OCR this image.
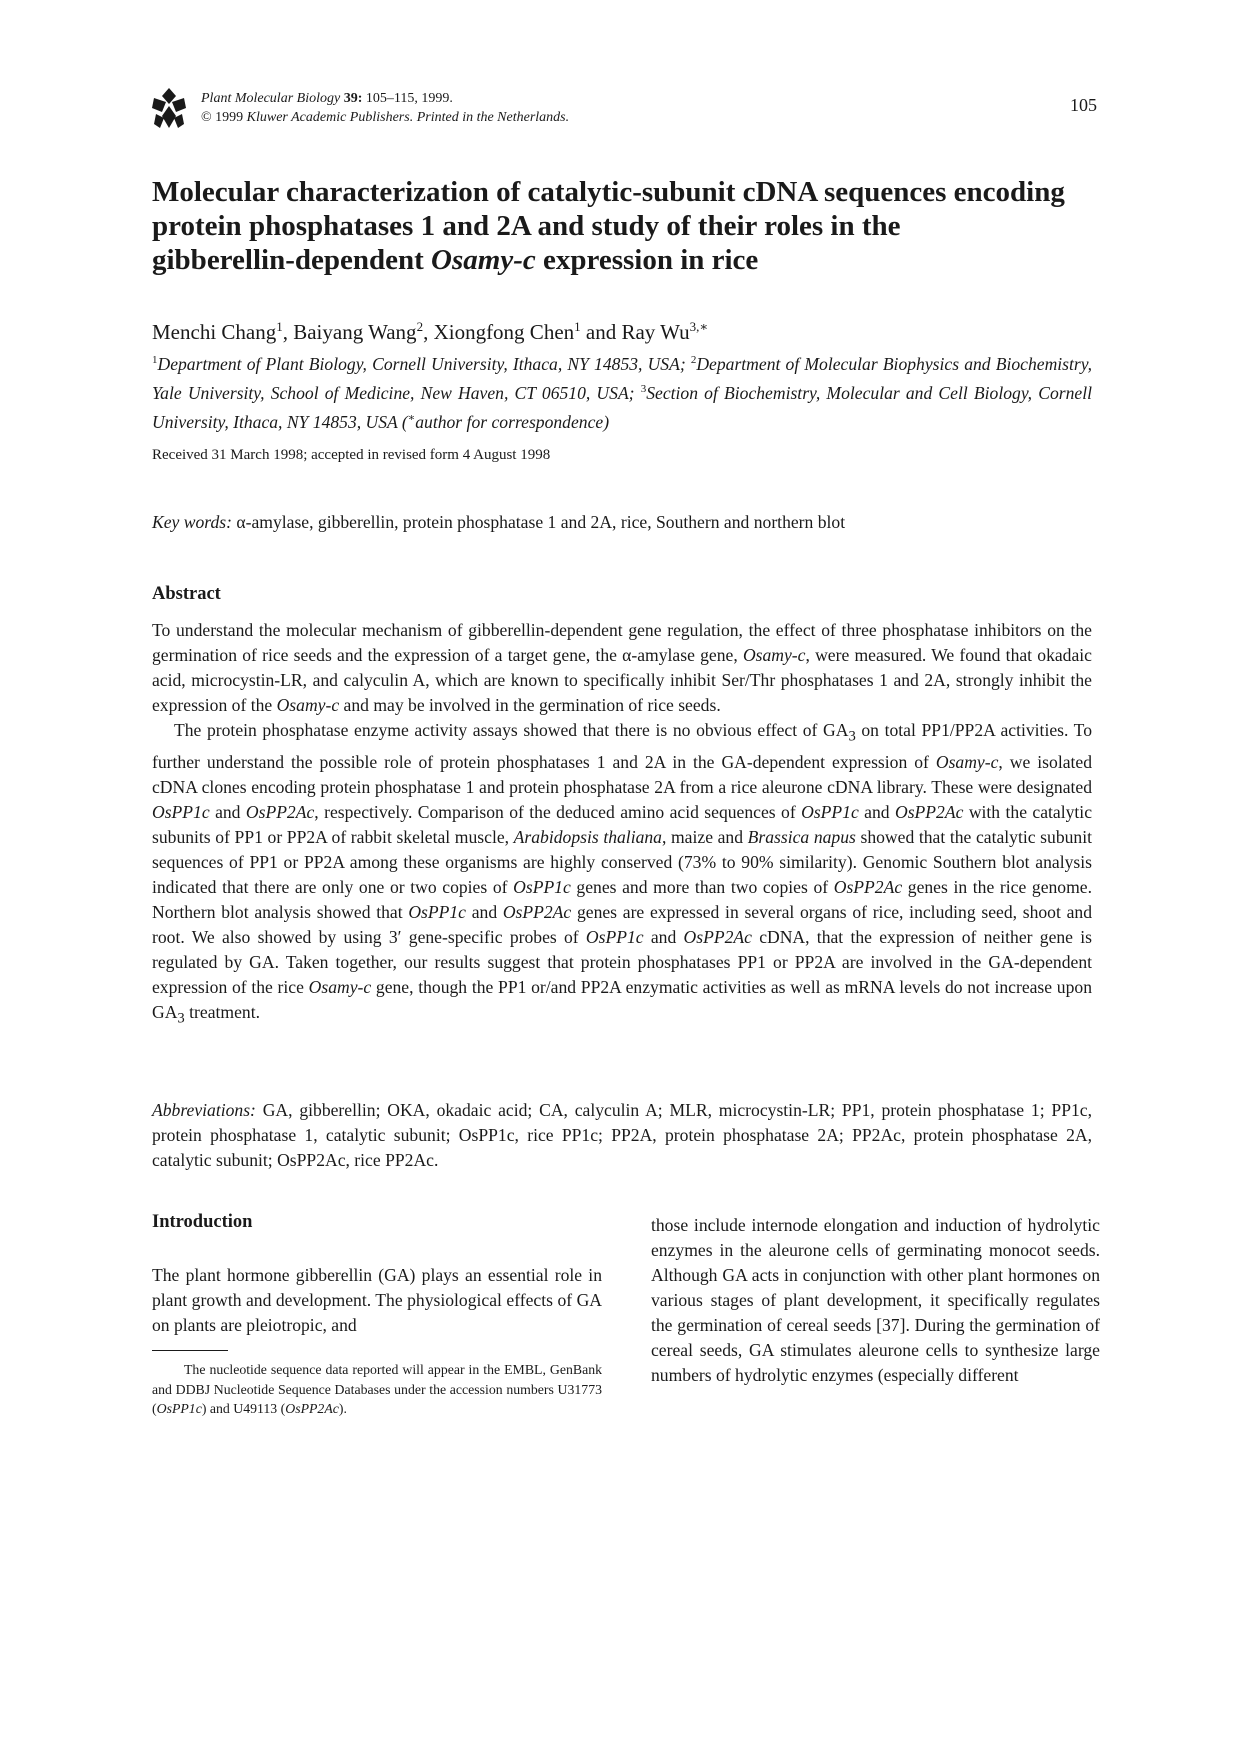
Plant Molecular Biology 39: 105–115, 1999.
© 1999 Kluwer Academic Publishers. Printed in the Netherlands.
105
Molecular characterization of catalytic-subunit cDNA sequences encoding
protein phosphatases 1 and 2A and study of their roles in the
gibberellin-dependent Osamy-c expression in rice
Menchi Chang$^1$, Baiyang Wang$^2$, Xiongfong Chen$^1$ and Ray $Wu^{3,∗}$
$^1$Department of Plant Biology, Cornell University, Ithaca, NY 14853, USA; $^2$Department of Molecular Biophysics and Biochemistry, Yale University, School of Medicine, New Haven, CT 06510, USA; $^3$Section of Biochemistry, Molecular and Cell Biology, Cornell University, Ithaca, NY 14853, USA (∗author for correspondence)
Received 31 March 1998; accepted in revised form 4 August 1998
Key words: α-amylase, gibberellin, protein phosphatase 1 and 2A, rice, Southern and northern blot
Abstract

To understand the molecular mechanism of gibberellin-dependent gene regulation, the effect of three phosphatase inhibitors on the germination of rice seeds and the expression of a target gene, the α-amylase gene, Osamy-c, were measured. We found that okadaic acid, microcystin-LR, and calyculin A, which are known to specifically inhibit Ser/Thr phosphatases 1 and 2A, strongly inhibit the expression of the Osamy-c and may be involved in the germination of rice seeds.

The protein phosphatase enzyme activity assays showed that there is no obvious effect of $GA_3$ on total PP1/PP2A activities. To further understand the possible role of protein phosphatases 1 and 2A in the GA-dependent expression of Osamy-c, we isolated cDNA clones encoding protein phosphatase 1 and protein phosphatase 2A from a rice aleurone cDNA library. These were designated OsPP1c and OsPP2Ac, respectively. Comparison of the deduced amino acid sequences of OsPP1c and OsPP2Ac with the catalytic subunits of PP1 or PP2A of rabbit skeletal muscle, Arabidopsis thaliana, maize and Brassica napus showed that the catalytic subunit sequences of PP1 or PP2A among these organisms are highly conserved (73% to 90% similarity). Genomic Southern blot analysis indicated that there are only one or two copies of OsPP1c genes and more than two copies of OsPP2Ac genes in the rice genome. Northern blot analysis showed that OsPP1c and OsPP2Ac genes are expressed in several organs of rice, including seed, shoot and root. We also showed by using 3′ gene-specific probes of OsPP1c and OsPP2Ac cDNA, that the expression of neither gene is regulated by GA. Taken together, our results suggest that protein phosphatases PP1 or PP2A are involved in the GA-dependent expression of the rice Osamy-c gene, though the PP1 or/and PP2A enzymatic activities as well as mRNA levels do not increase upon $GA_3$ treatment.

Abbreviations: GA, gibberellin; OKA, okadaic acid; CA, calyculin A; MLR, microcystin-LR; PP1, protein phosphatase 1; PP1c, protein phosphatase 1, catalytic subunit; OsPP1c, rice PP1c; PP2A, protein phosphatase 2A; PP2Ac, protein phosphatase 2A, catalytic subunit; OsPP2Ac, rice PP2Ac.
Introduction
The plant hormone gibberellin (GA) plays an essential role in plant growth and development. The physiological effects of GA on plants are pleiotropic, and

The nucleotide sequence data reported will appear in the EMBL, GenBank and DDBJ Nucleotide Sequence Databases under the accession numbers U31773 (OsPP1c) and U49113 (OsPP2Ac).

those include internode elongation and induction of hydrolytic enzymes in the aleurone cells of germinating monocot seeds. Although GA acts in conjunction with other plant hormones on various stages of plant development, it specifically regulates the germination of cereal seeds [37]. During the germination of cereal seeds, GA stimulates aleurone cells to synthesize large numbers of hydrolytic enzymes (especially different
